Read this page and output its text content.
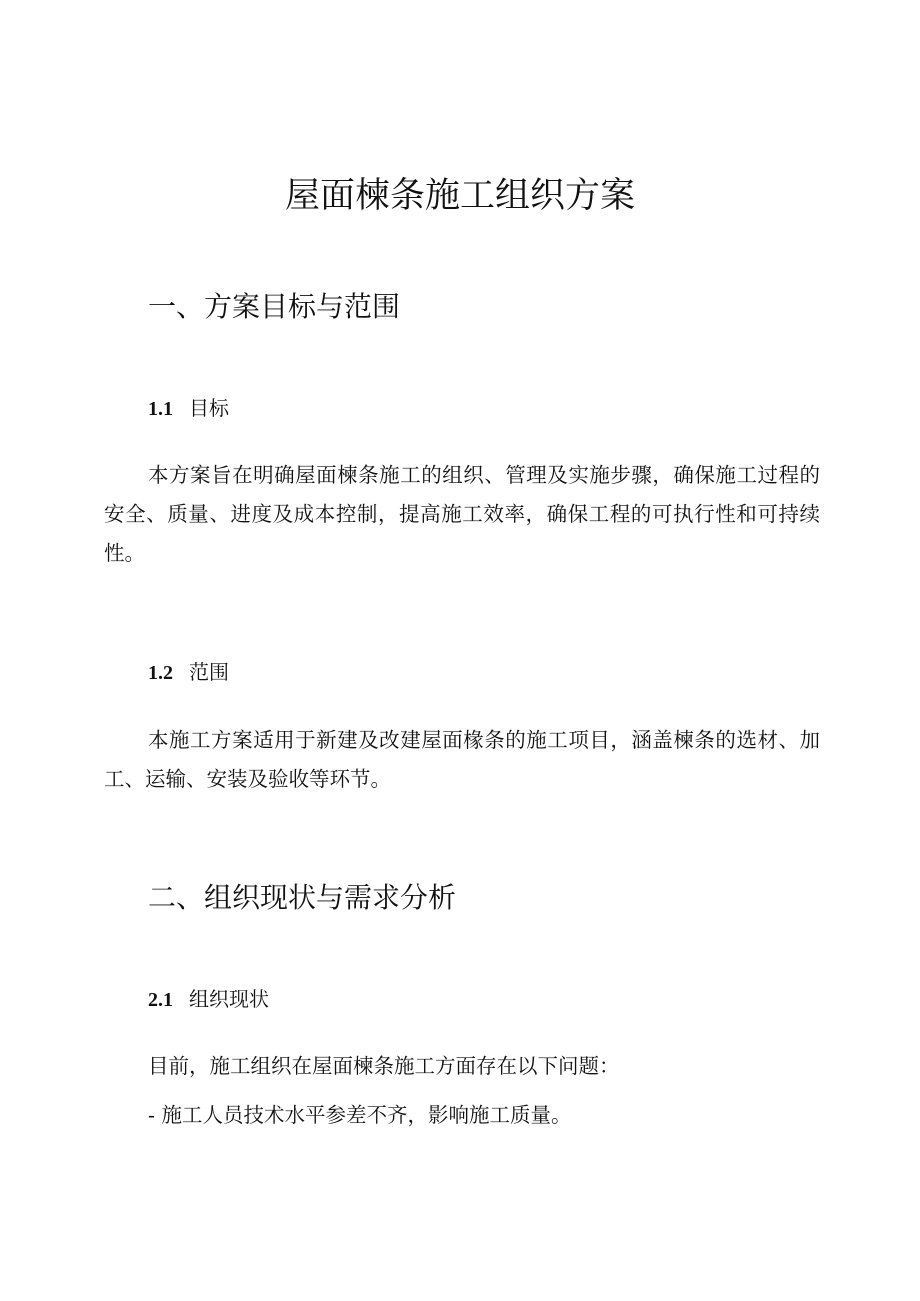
屋面楝条施工组织方案
一、方案目标与范围
1.1 目标

本方案旨在明确屋面楝条施工的组织、管理及实施步骤，确保施工过程的安全、质量、进度及成本控制，提高施工效率，确保工程的可执行性和可持续性。

1.2 范围

本施工方案适用于新建及改建屋面椽条的施工项目，涵盖楝条的选材、加工、运输、安装及验收等环节。

二、组织现状与需求分析
2.1 组织现状

目前，施工组织在屋面楝条施工方面存在以下问题：

- 施工人员技术水平参差不齐，影响施工质量。
